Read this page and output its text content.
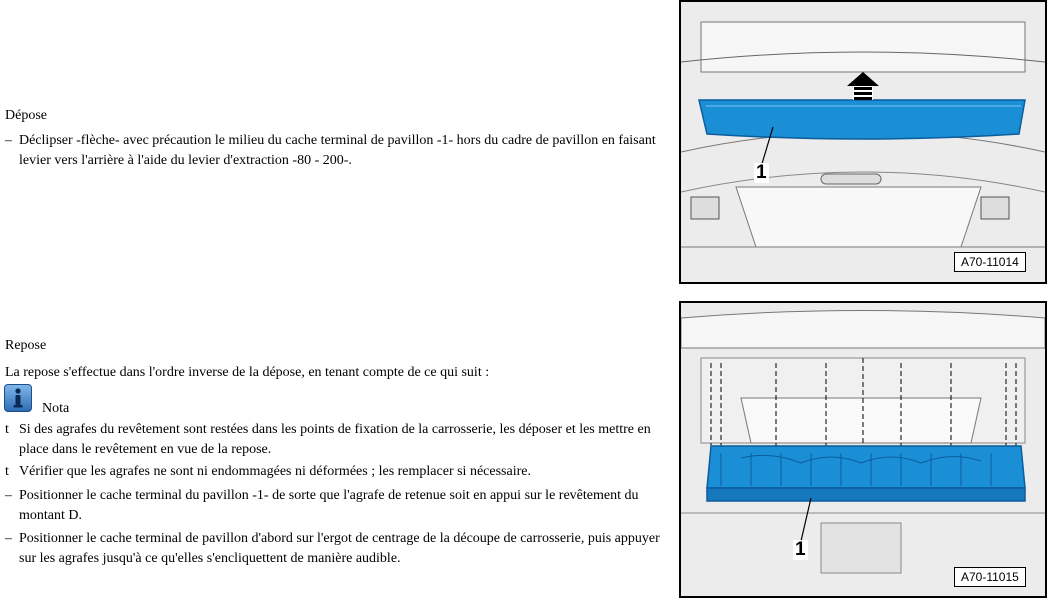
Dépose
– Déclipser -flèche- avec précaution le milieu du cache terminal de pavillon -1- hors du cadre de pavillon en faisant levier vers l'arrière à l'aide du levier d'extraction -80 - 200-.
Repose
La repose s'effectue dans l'ordre inverse de la dépose, en tenant compte de ce qui suit :
Nota
t Si des agrafes du revêtement sont restées dans les points de fixation de la carrosserie, les déposer et les mettre en place dans le revêtement en vue de la repose.
t Vérifier que les agrafes ne sont ni endommagées ni déformées ; les remplacer si nécessaire.
– Positionner le cache terminal du pavillon -1- de sorte que l'agrafe de retenue soit en appui sur le revêtement du montant D.
– Positionner le cache terminal de pavillon d'abord sur l'ergot de centrage de la découpe de carrosserie, puis appuyer sur les agrafes jusqu'à ce qu'elles s'encliquettent de manière audible.
1
A70-11014
1
A70-11015
